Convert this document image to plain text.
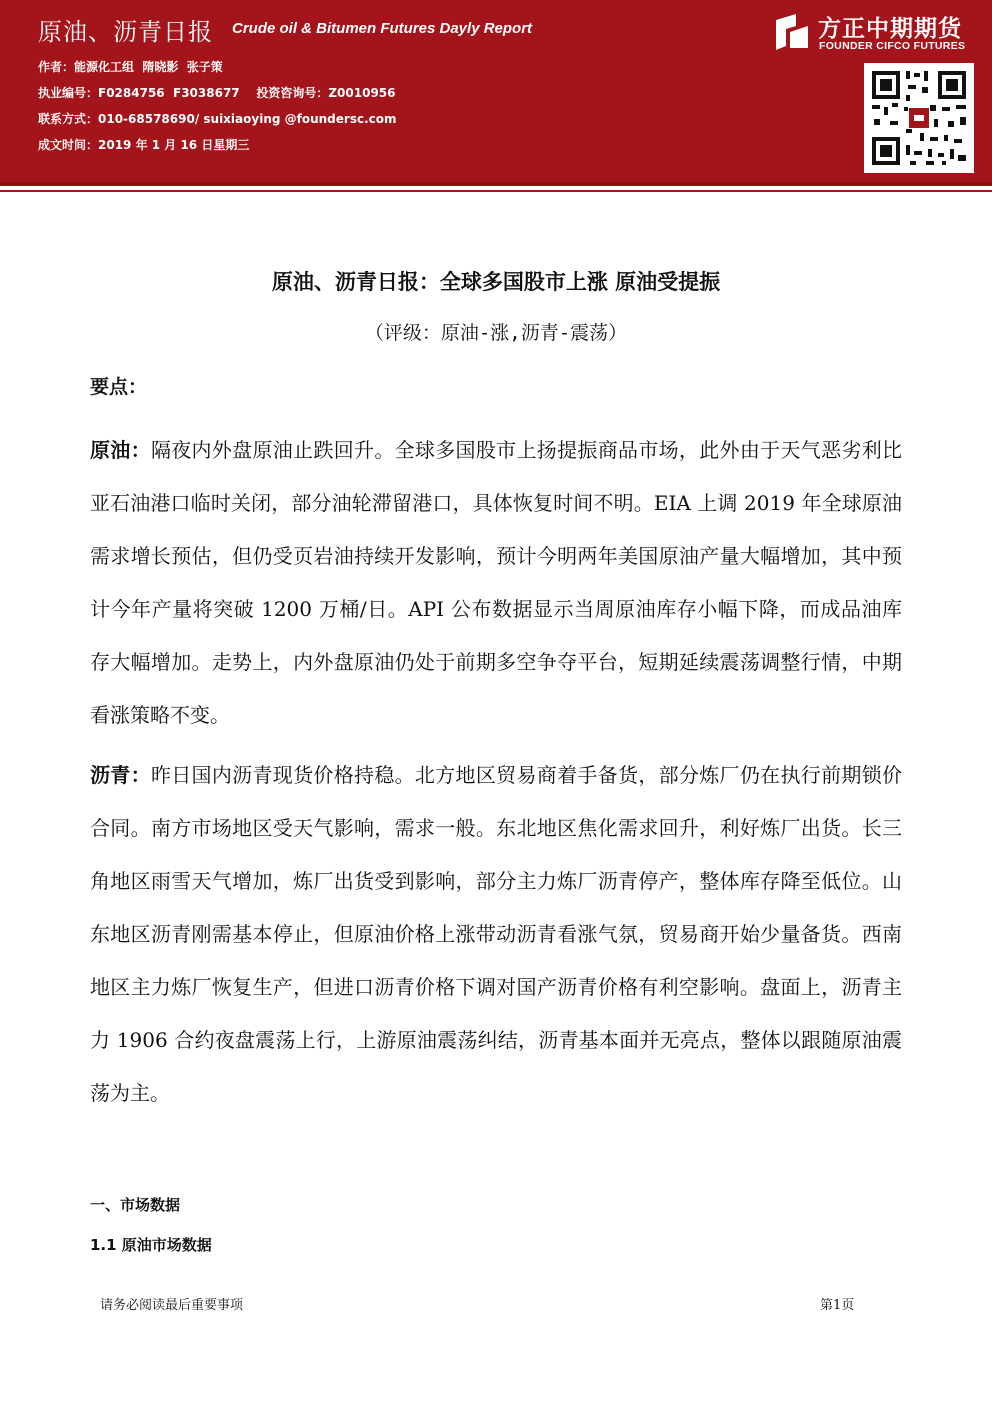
原油、沥青日报 Crude oil & Bitumen Futures Dayly Report
作者：能源化工组  隋晓影  张子策
执业编号：F0284756  F3038677    投资咨询号：Z0010956
联系方式：010-68578690/ suixiaoying @foundersc.com
成文时间：2019 年 1 月 16 日星期三
方正中期期货
FOUNDER CIFCO FUTURES
原油、沥青日报：全球多国股市上涨 原油受提振
（评级：原油-涨,沥青-震荡）
要点：

原油：隔夜内外盘原油止跌回升。全球多国股市上扬提振商品市场，此外由于天气恶劣利比亚石油港口临时关闭，部分油轮滞留港口，具体恢复时间不明。EIA 上调 2019 年全球原油需求增长预估，但仍受页岩油持续开发影响，预计今明两年美国原油产量大幅增加，其中预计今年产量将突破 1200 万桶/日。API 公布数据显示当周原油库存小幅下降，而成品油库存大幅增加。走势上，内外盘原油仍处于前期多空争夺平台，短期延续震荡调整行情，中期看涨策略不变。

沥青：昨日国内沥青现货价格持稳。北方地区贸易商着手备货，部分炼厂仍在执行前期锁价合同。南方市场地区受天气影响，需求一般。东北地区焦化需求回升，利好炼厂出货。长三角地区雨雪天气增加，炼厂出货受到影响，部分主力炼厂沥青停产，整体库存降至低位。山东地区沥青刚需基本停止，但原油价格上涨带动沥青看涨气氛，贸易商开始少量备货。西南地区主力炼厂恢复生产，但进口沥青价格下调对国产沥青价格有利空影响。盘面上，沥青主力 1906 合约夜盘震荡上行，上游原油震荡纠结，沥青基本面并无亮点，整体以跟随原油震荡为主。

一、市场数据
1.1 原油市场数据
请务必阅读最后重要事项	第1页
